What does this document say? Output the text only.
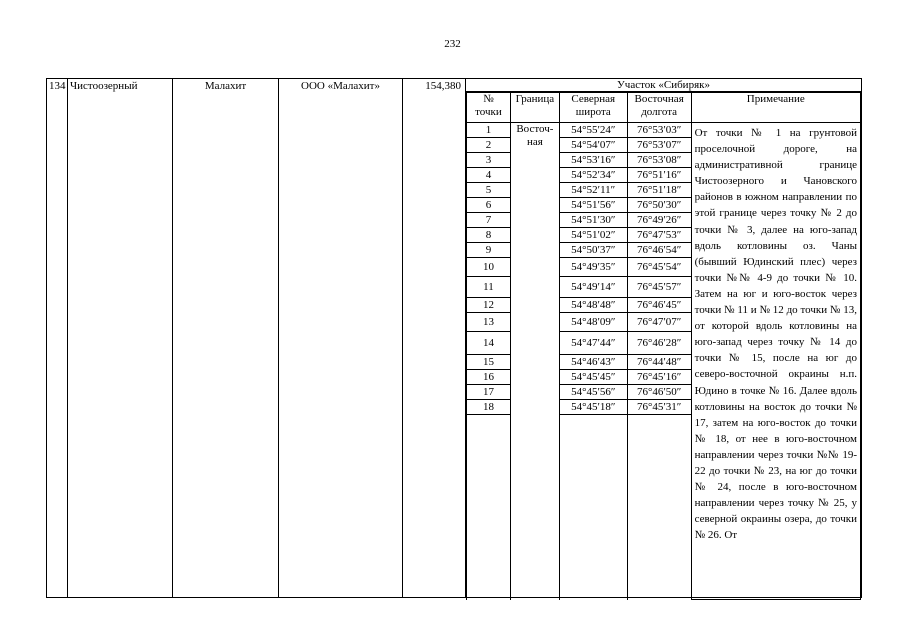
232
134 Чистоозерный	Малахит	ООО «Малахит»	154,380	Участок «Сибиряк»
№ точки	Граница	Северная широта	Восточная долгота	Примечание
1	Восточ-ная	54°55′24″	76°53′03″	От точки № 1 на грунтовой проселочной дороге, на административной границе Чистоозерного и Чановского районов в южном направлении по этой границе через точку № 2 до точки № 3, далее на юго-запад вдоль котловины оз. Чаны (бывший Юдинский плес) через точки №№ 4-9 до точки № 10. Затем на юг и юго-восток через точки № 11 и № 12 до точки № 13, от которой вдоль котловины на юго-запад через точку № 14 до точки № 15, после на юг до северо-восточной окраины н.п. Юдино в точке № 16. Далее вдоль котловины на восток до точки № 17, затем на юго-восток до точки № 18, от нее в юго-восточном направлении через точки №№ 19-22 до точки № 23, на юг до точки № 24, после в юго-восточном направлении через точку № 25, у северной окраины озера, до точки № 26. От
2		54°54′07″	76°53′07″	
3		54°53′16″	76°53′08″	
4		54°52′34″	76°51′16″	
5		54°52′11″	76°51′18″	
6		54°51′56″	76°50′30″	
7		54°51′30″	76°49′26″	
8		54°51′02″	76°47′53″	
9		54°50′37″	76°46′54″	
10		54°49′35″	76°45′54″	
11		54°49′14″	76°45′57″	
12		54°48′48″	76°46′45″	
13		54°48′09″	76°47′07″	
14		54°47′44″	76°46′28″	
15		54°46′43″	76°44′48″	
16		54°45′45″	76°45′16″	
17		54°45′56″	76°46′50″	
18		54°45′18″	76°45′31″	
